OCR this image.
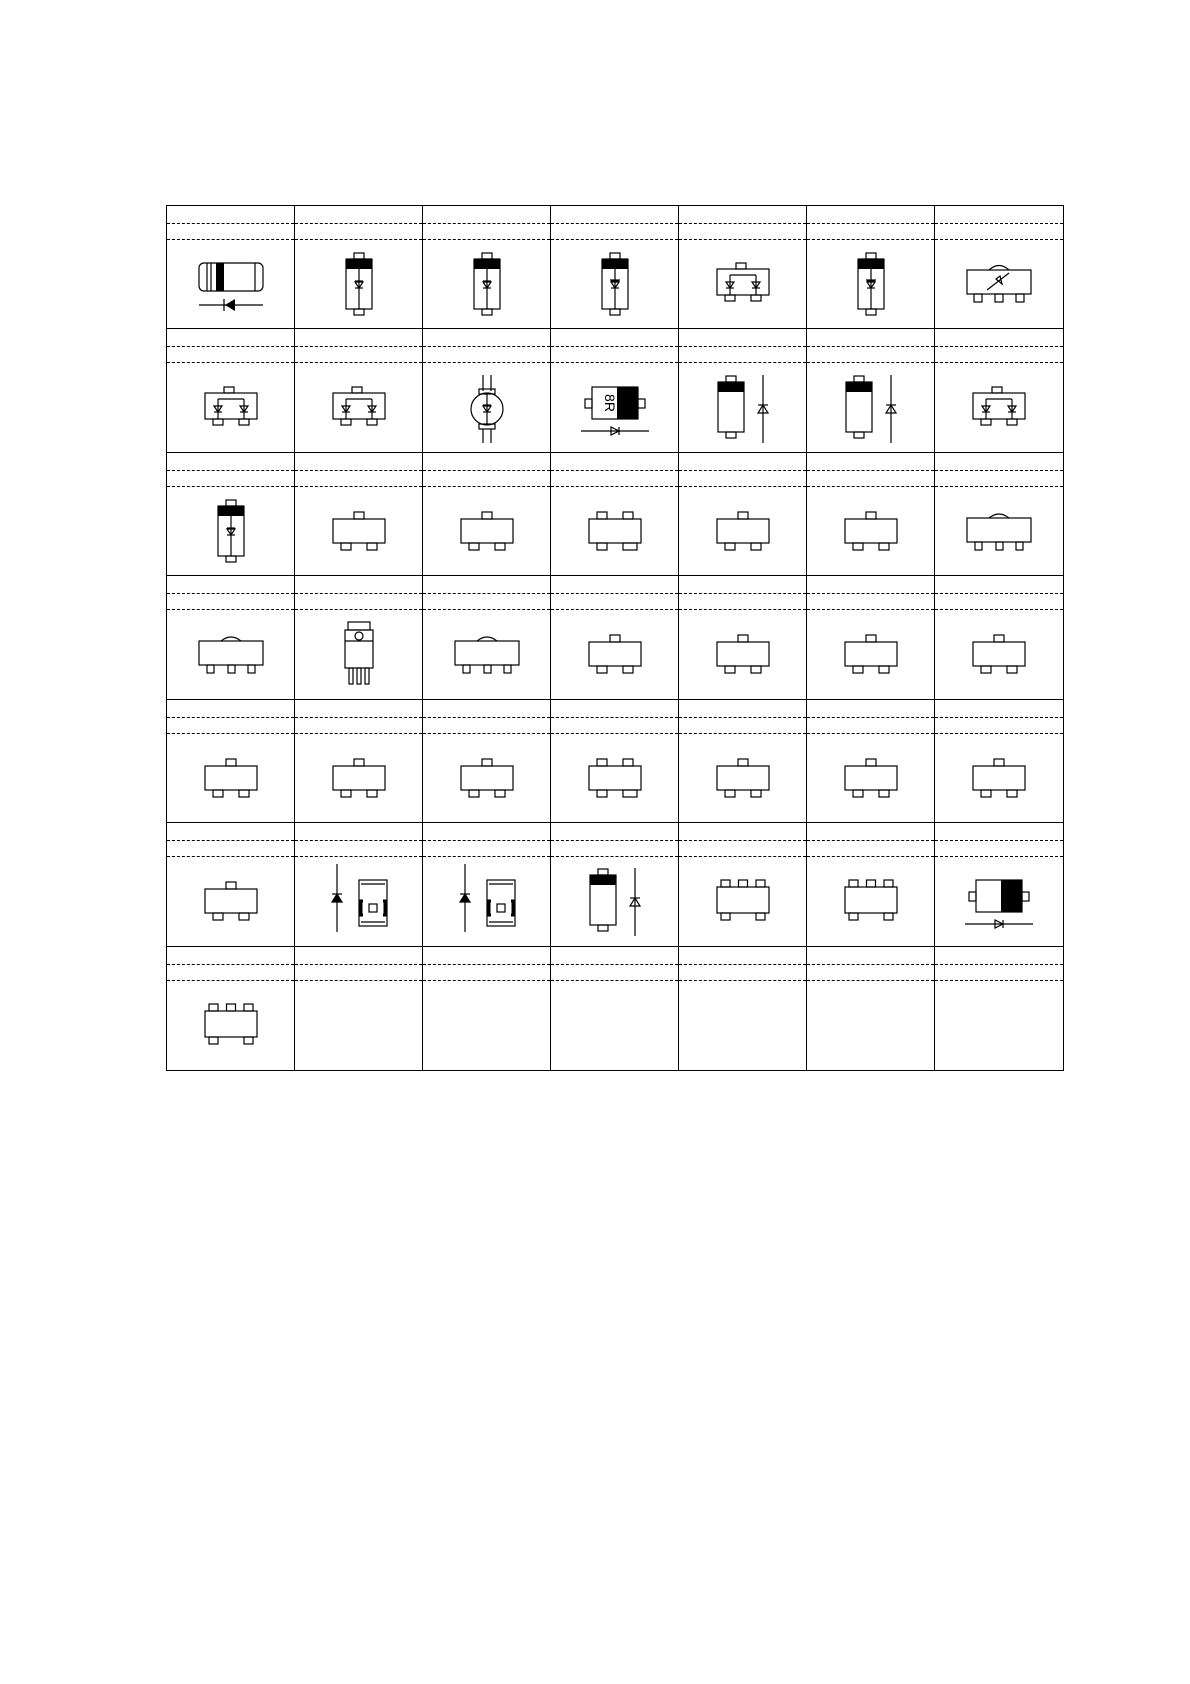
8R
